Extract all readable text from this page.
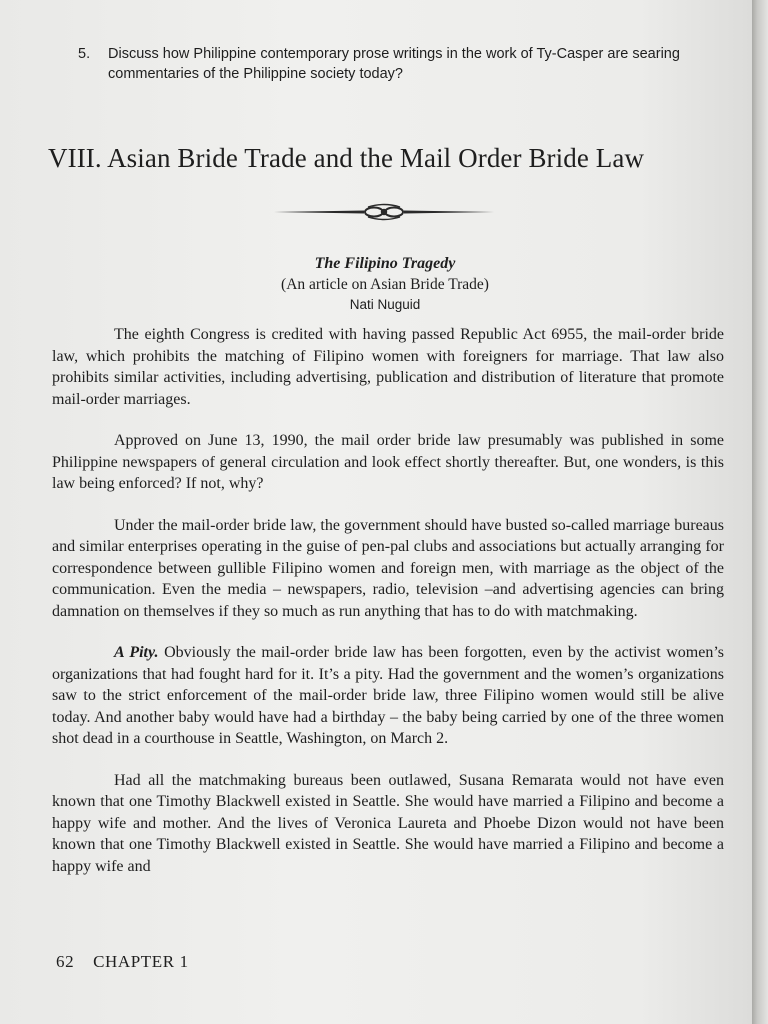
5.	Discuss how Philippine contemporary prose writings in the work of Ty-Casper are searing commentaries of the Philippine society today?
VIII. Asian Bride Trade and the Mail Order Bride Law
The Filipino Tragedy
(An article on Asian Bride Trade)
Nati Nuguid

The eighth Congress is credited with having passed Republic Act 6955, the mail-order bride law, which prohibits the matching of Filipino women with foreigners for marriage. That law also prohibits similar activities, including advertising, publication and distribution of literature that promote mail-order marriages.

Approved on June 13, 1990, the mail order bride law presumably was published in some Philippine newspapers of general circulation and look effect shortly thereafter. But, one wonders, is this law being enforced? If not, why?

Under the mail-order bride law, the government should have busted so-called marriage bureaus and similar enterprises operating in the guise of pen-pal clubs and associations but actually arranging for correspondence between gullible Filipino women and foreign men, with marriage as the object of the communication. Even the media – newspapers, radio, television –and advertising agencies can bring damnation on themselves if they so much as run anything that has to do with matchmaking.

A Pity. Obviously the mail-order bride law has been forgotten, even by the activist women’s organizations that had fought hard for it. It’s a pity. Had the government and the women’s organizations saw to the strict enforcement of the mail-order bride law, three Filipino women would still be alive today. And another baby would have had a birthday – the baby being carried by one of the three women shot dead in a courthouse in Seattle, Washington, on March 2.

Had all the matchmaking bureaus been outlawed, Susana Remarata would not have even known that one Timothy Blackwell existed in Seattle. She would have married a Filipino and become a happy wife and mother. And the lives of Veronica Laureta and Phoebe Dizon would not have been known that one Timothy Blackwell existed in Seattle. She would have married a Filipino and become a happy wife and

62 CHAPTER 1
